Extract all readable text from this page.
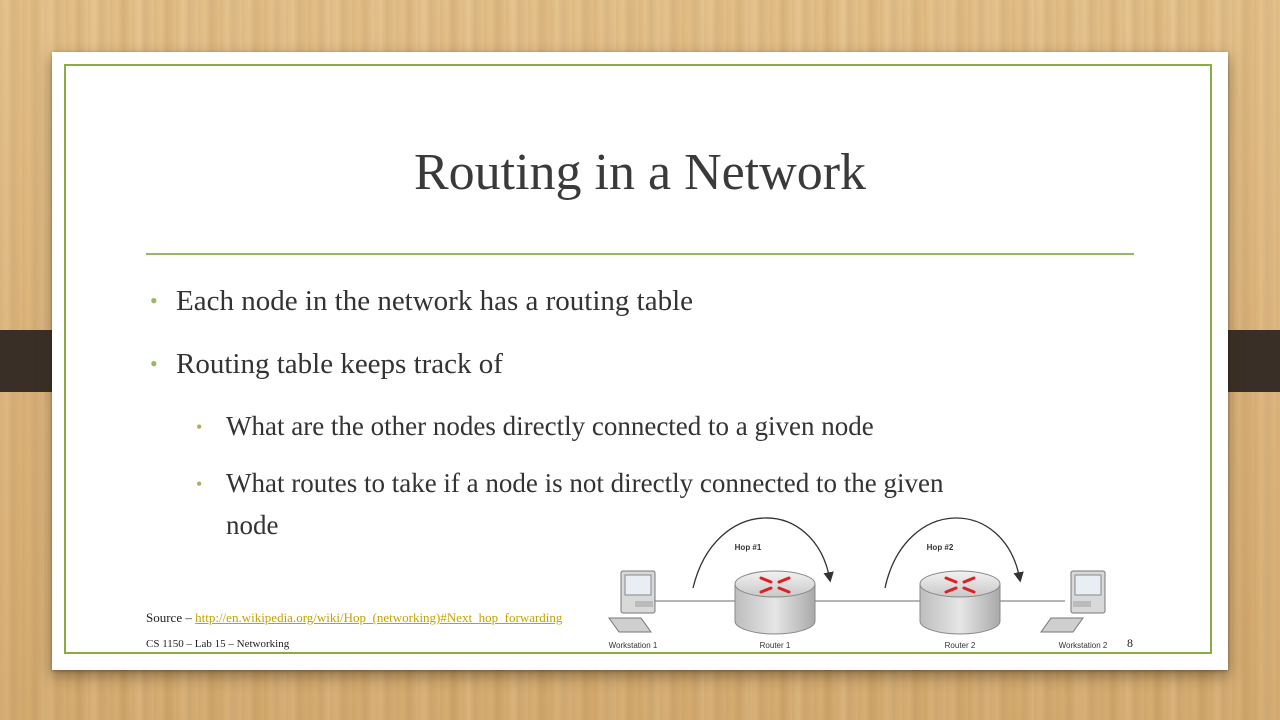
Routing in a Network
• Each node in the network has a routing table
• Routing table keeps track of
• What are the other nodes directly connected to a given node
• What routes to take if a node is not directly connected to the given
node
Source – http://en.wikipedia.org/wiki/Hop_(networking)#Next_hop_forwarding
CS 1150 – Lab 15 – Networking	8
Hop #1	Hop #2
Workstation 1	Router 1	Router 2	Workstation 2
